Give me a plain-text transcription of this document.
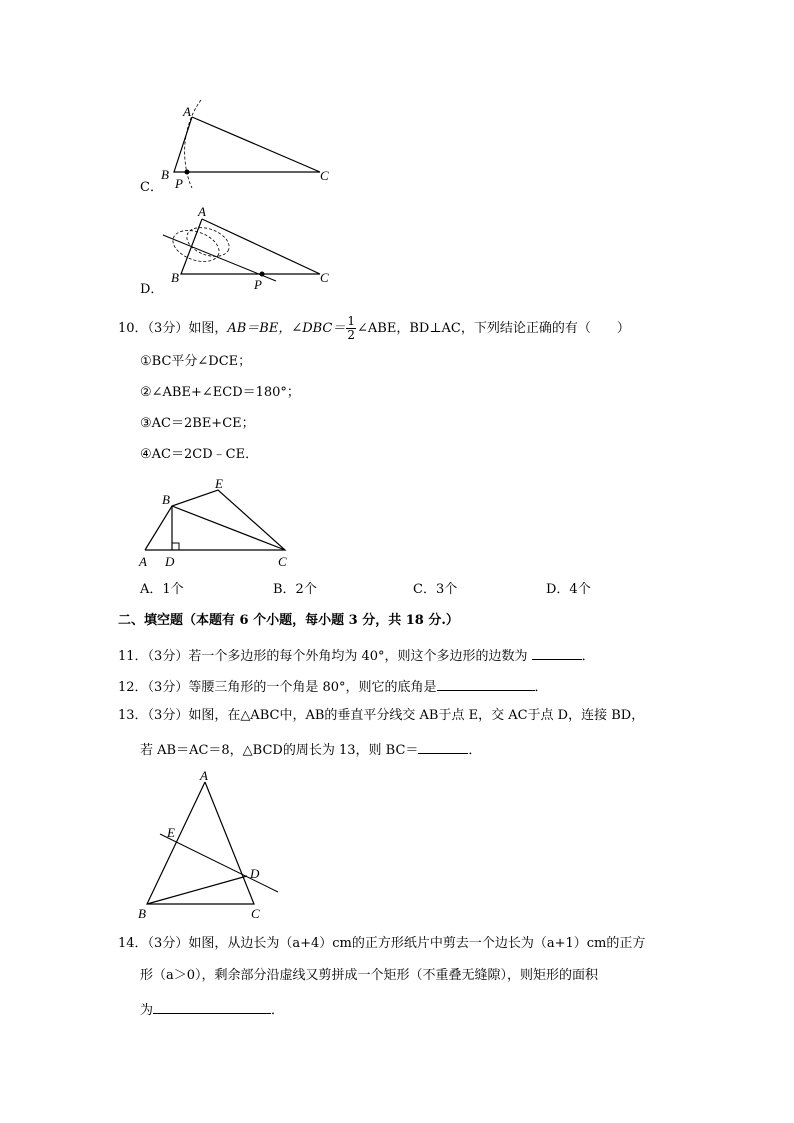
A
B
P
C
C．
A
B	P	C
D．
10．（3分）如图，AB＝BE，∠DBC＝ $\frac{1}{2}$ ∠ABE，BD⊥AC，下列结论正确的有（　　）
①BC平分∠DCE；
②∠ABE+∠ECD＝180°；
③AC＝2BE+CE；
④AC＝2CD﹣CE．
B
E
A D	C
A．1个	B．2个	C．3个	D．4个
二、填空题（本题有 6 个小题，每小题 3 分，共 18 分.）
11．（3分）若一个多边形的每个外角均为 40°，则这个多边形的边数为	．
12．（3分）等腰三角形的一个角是 80°，则它的底角是	．
13．（3分）如图，在△ABC中，AB的垂直平分线交 AB于点 E，交 AC于点 D，连接 BD，
若 AB＝AC＝8，△BCD的周长为 13，则 BC＝	．
A
E
D
B	C
14．（3分）如图，从边长为（a+4）cm的正方形纸片中剪去一个边长为（a+1）cm的正方
形（a＞0），剩余部分沿虚线又剪拼成一个矩形（不重叠无缝隙），则矩形的面积
为	．
